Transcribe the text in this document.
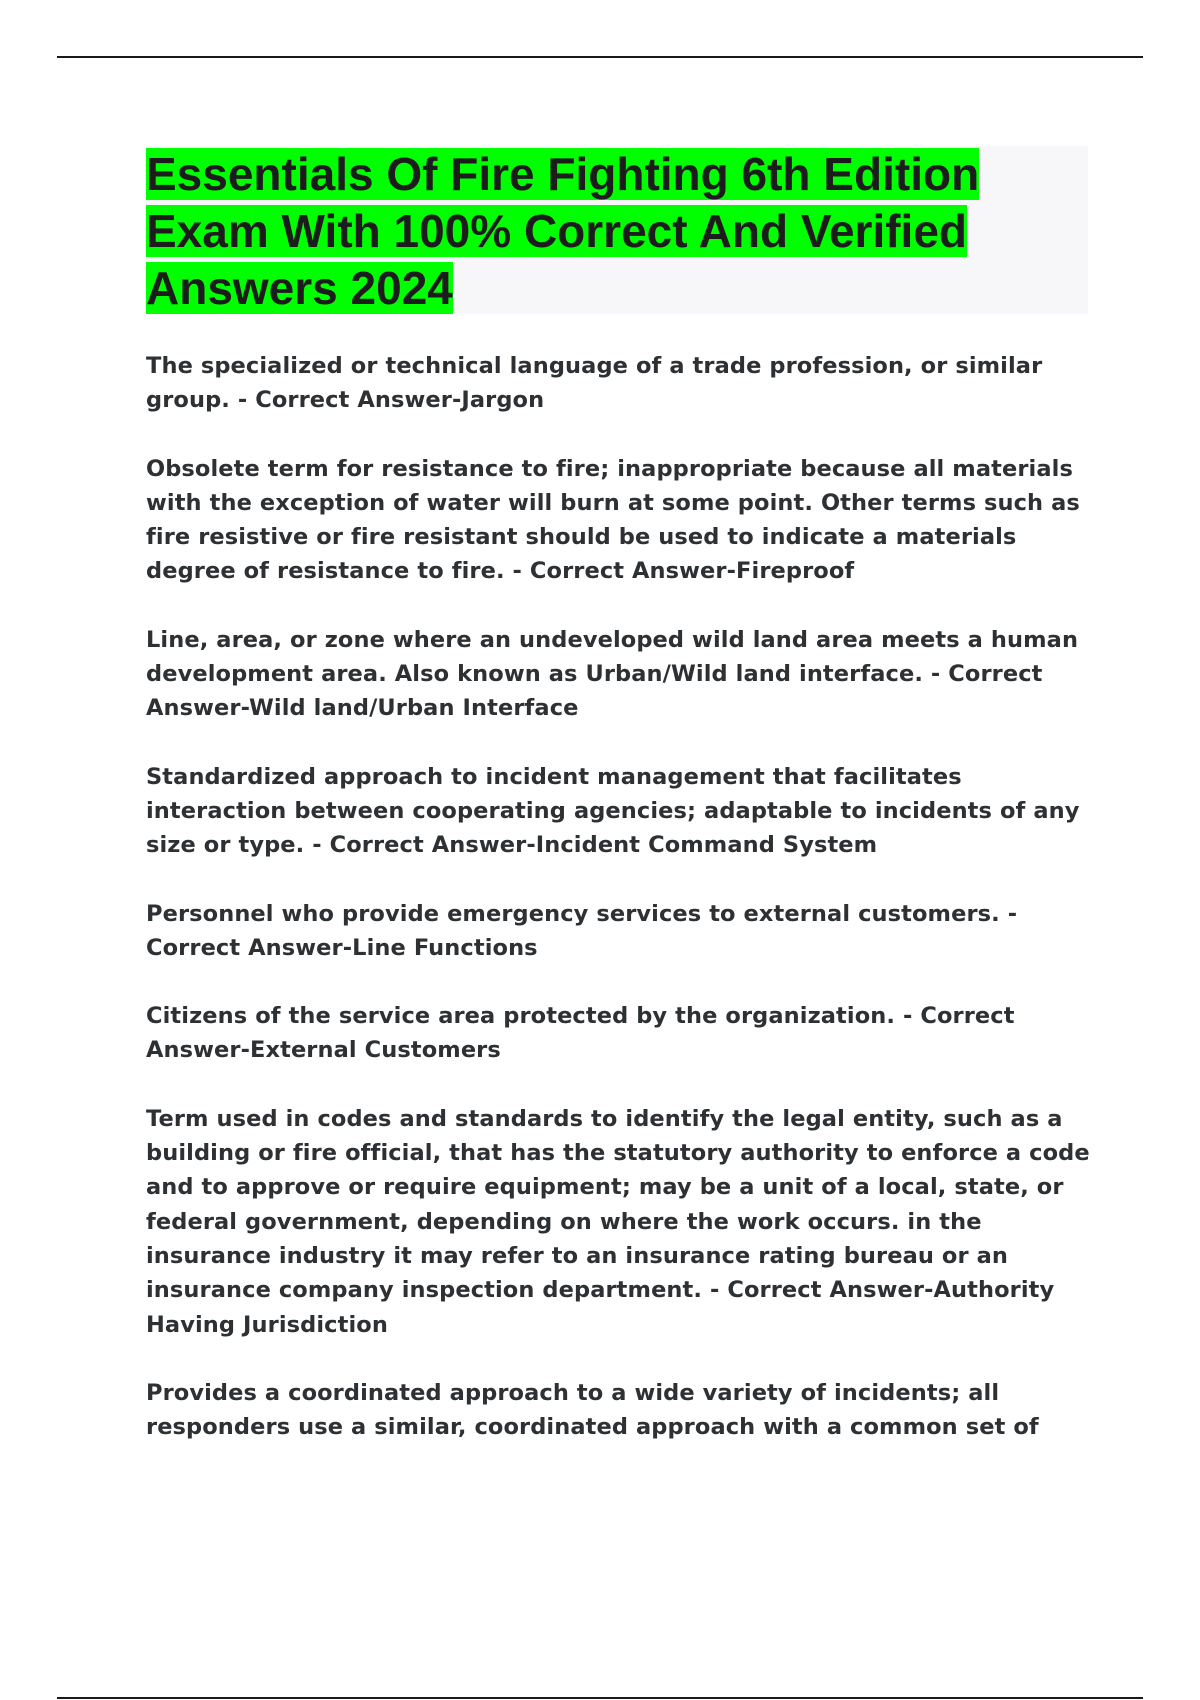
Essentials Of Fire Fighting 6th Edition
Exam With 100% Correct And Verified
Answers 2024

The specialized or technical language of a trade profession, or similar group. - Correct Answer-Jargon

Obsolete term for resistance to fire; inappropriate because all materials with the exception of water will burn at some point. Other terms such as fire resistive or fire resistant should be used to indicate a materials degree of resistance to fire. - Correct Answer-Fireproof

Line, area, or zone where an undeveloped wild land area meets a human development area. Also known as Urban/Wild land interface. - Correct Answer-Wild land/Urban Interface

Standardized approach to incident management that facilitates interaction between cooperating agencies; adaptable to incidents of any size or type. - Correct Answer-Incident Command System

Personnel who provide emergency services to external customers. - Correct Answer-Line Functions

Citizens of the service area protected by the organization. - Correct Answer-External Customers

Term used in codes and standards to identify the legal entity, such as a building or fire official, that has the statutory authority to enforce a code and to approve or require equipment; may be a unit of a local, state, or federal government, depending on where the work occurs. in the insurance industry it may refer to an insurance rating bureau or an insurance company inspection department. - Correct Answer-Authority Having Jurisdiction

Provides a coordinated approach to a wide variety of incidents; all responders use a similar, coordinated approach with a common set of
